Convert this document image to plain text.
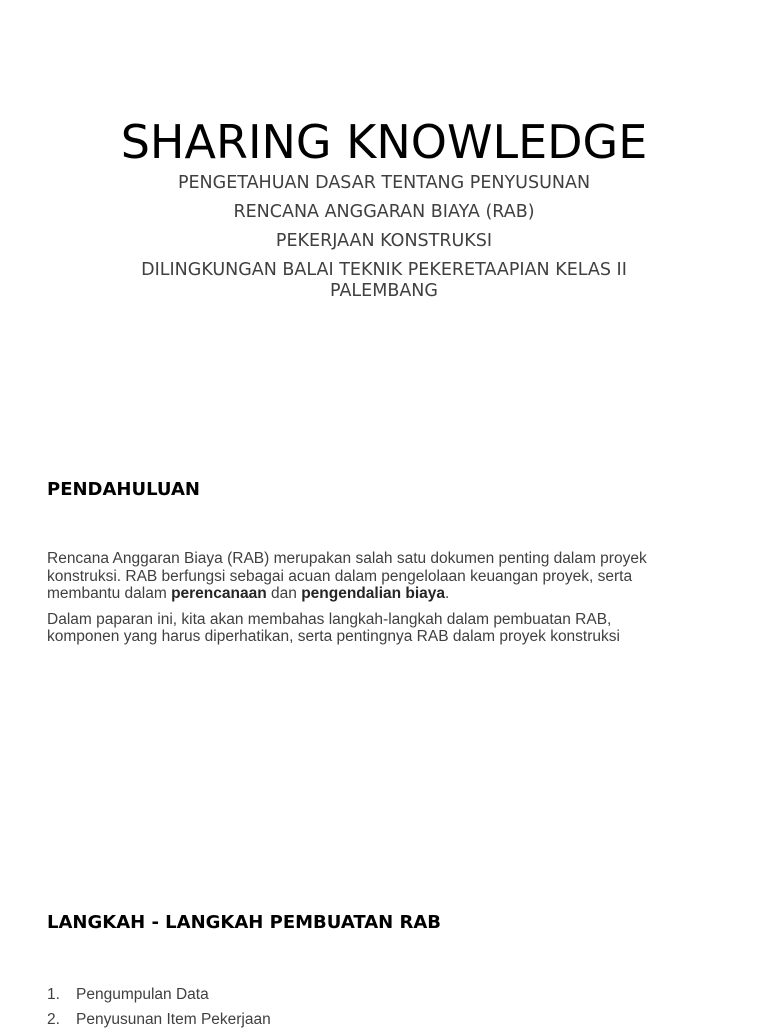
SHARING KNOWLEDGE

PENGETAHUAN DASAR TENTANG PENYUSUNAN

RENCANA ANGGARAN BIAYA (RAB)

PEKERJAAN KONSTRUKSI

DILINGKUNGAN BALAI TEKNIK PEKERETAAPIAN KELAS II PALEMBANG

PENDAHULUAN

Rencana Anggaran Biaya (RAB) merupakan salah satu dokumen penting dalam proyek konstruksi. RAB berfungsi sebagai acuan dalam pengelolaan keuangan proyek, serta membantu dalam perencanaan dan pengendalian biaya.

Dalam paparan ini, kita akan membahas langkah-langkah dalam pembuatan RAB, komponen yang harus diperhatikan, serta pentingnya RAB dalam proyek konstruksi

LANGKAH - LANGKAH PEMBUATAN RAB
1.	Pengumpulan Data
2.	Penyusunan Item Pekerjaan
